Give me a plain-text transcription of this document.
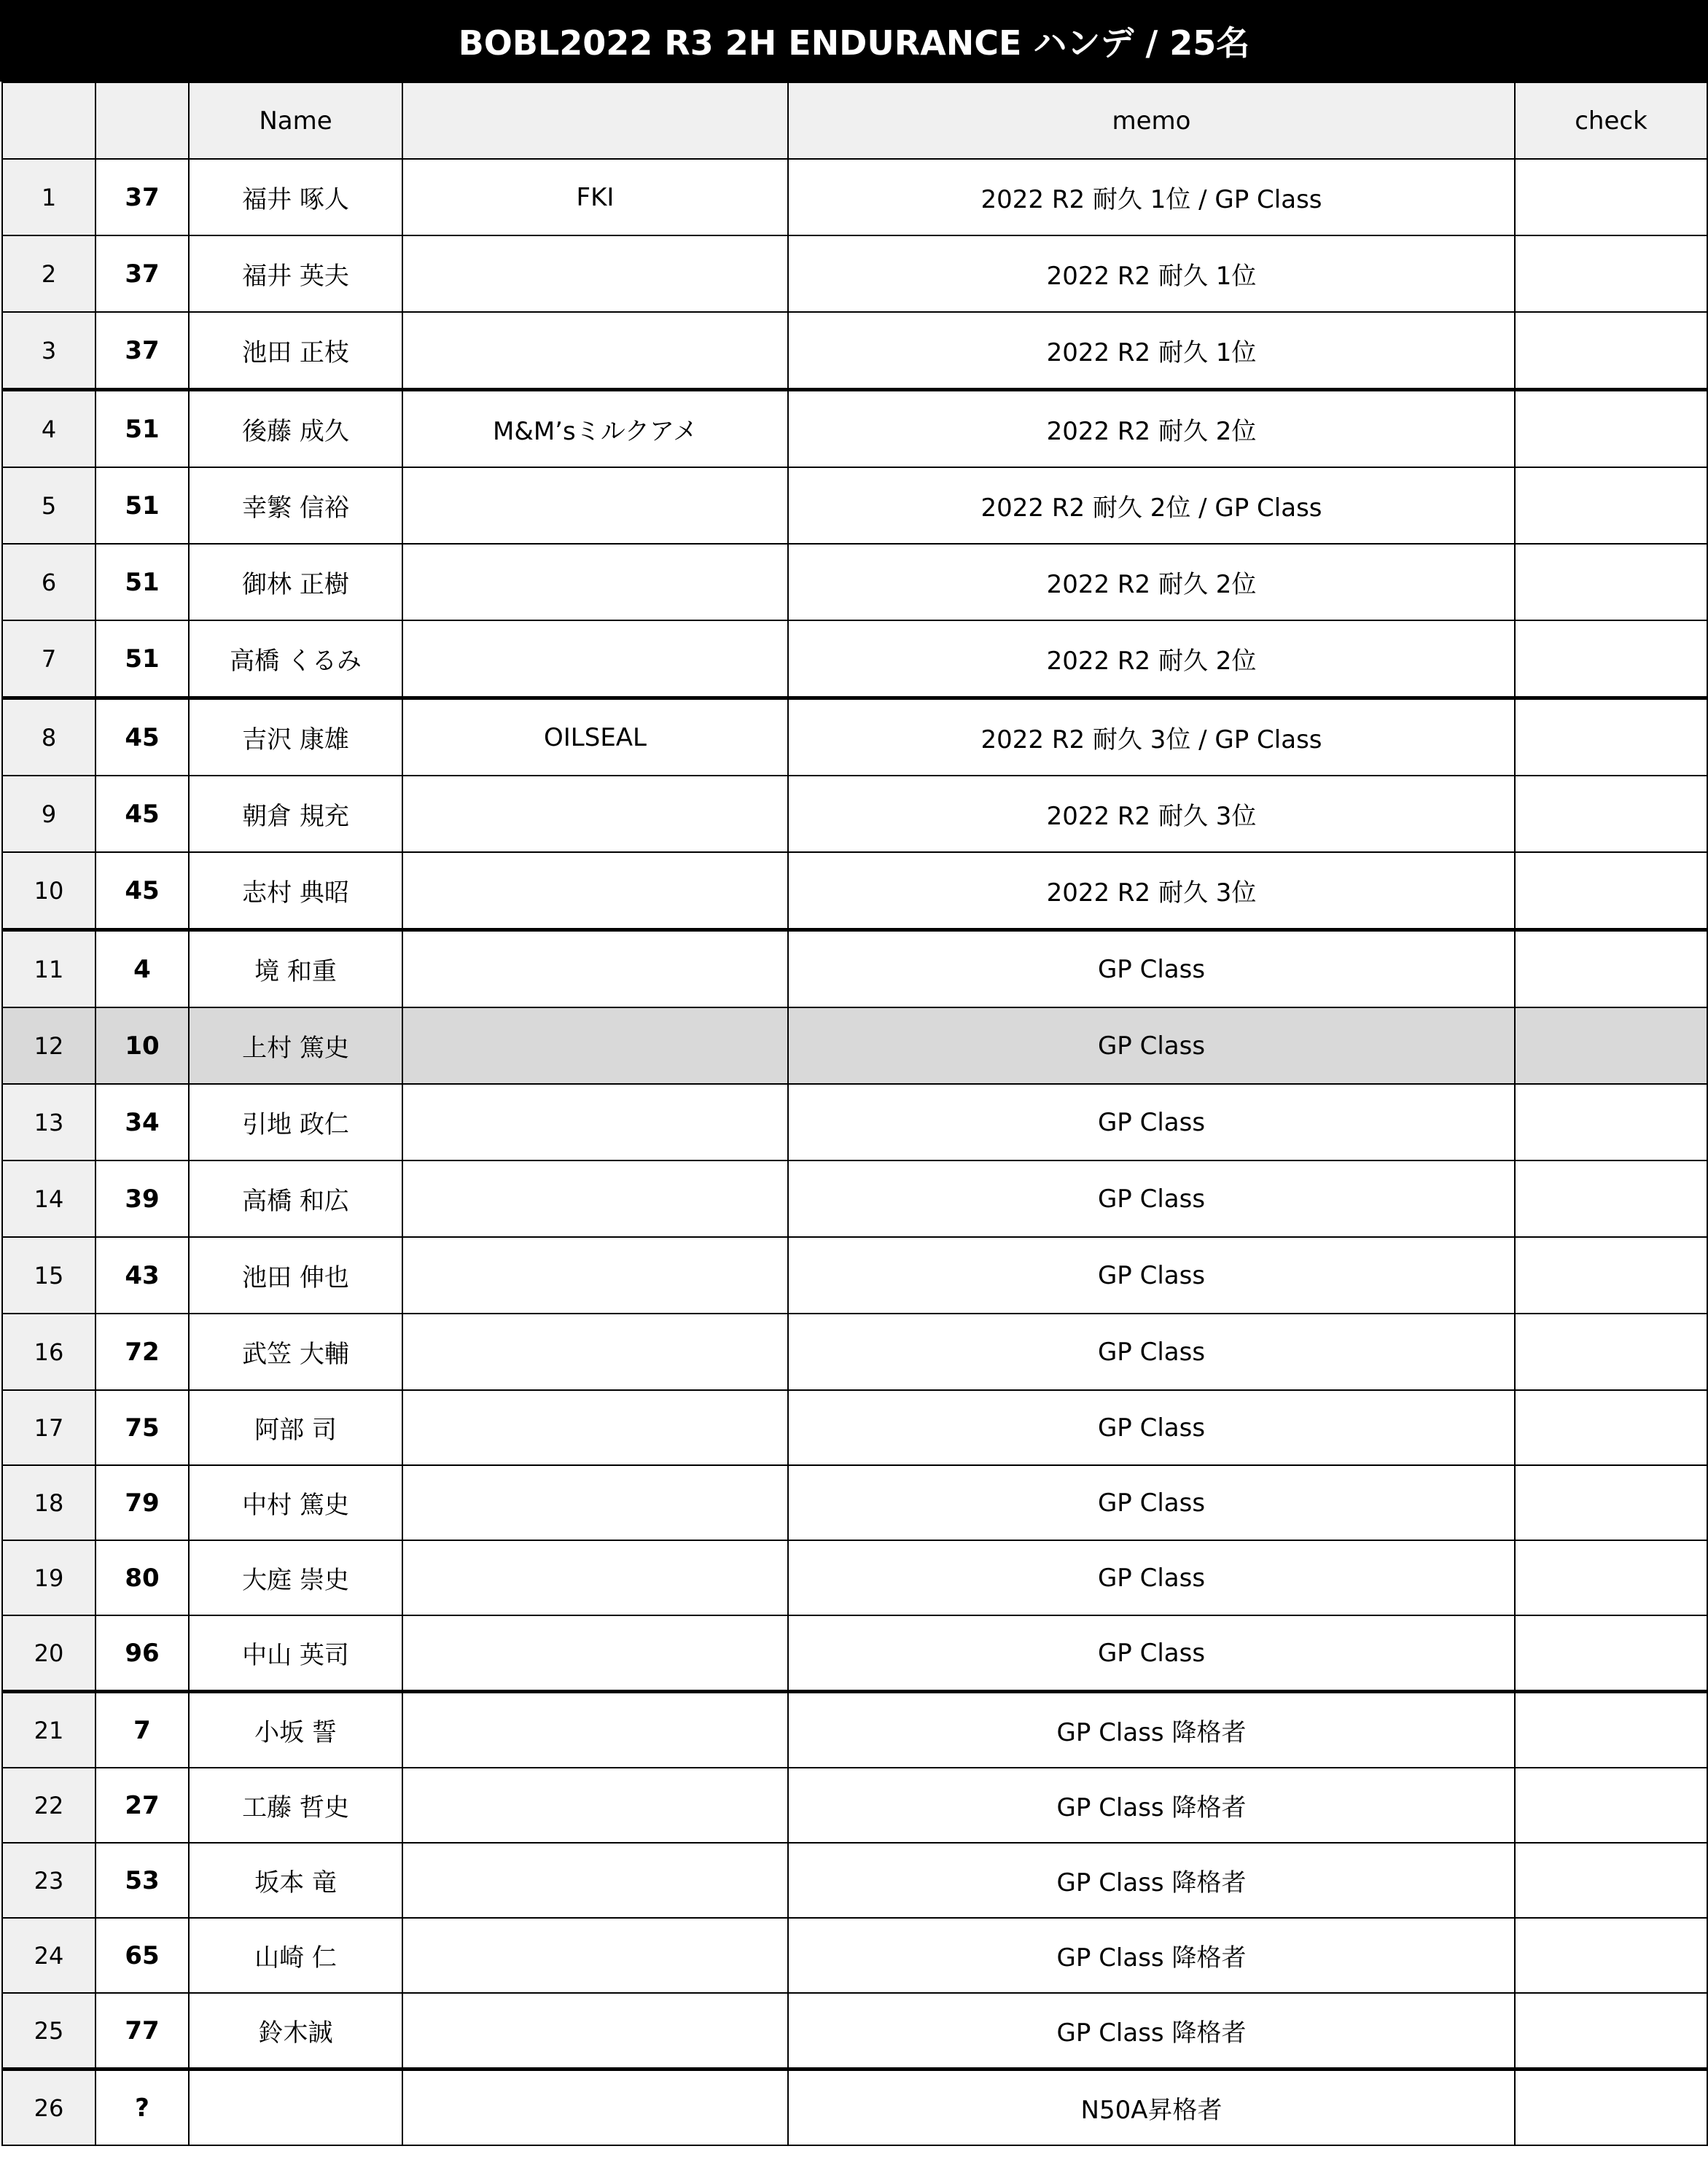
BOBL2022 R3 2H ENDURANCE ハンデ / 25名
		Name		memo	check
1	37	福井 啄人	FKI	2022 R2 耐久 1位 / GP Class	
2	37	福井 英夫		2022 R2 耐久 1位	
3	37	池田 正枝		2022 R2 耐久 1位	
4	51	後藤 成久	M&M’sミルクアメ	2022 R2 耐久 2位	
5	51	幸繁 信裕		2022 R2 耐久 2位 / GP Class	
6	51	御林 正樹		2022 R2 耐久 2位	
7	51	高橋 くるみ		2022 R2 耐久 2位	
8	45	吉沢 康雄	OILSEAL	2022 R2 耐久 3位 / GP Class	
9	45	朝倉 規充		2022 R2 耐久 3位	
10	45	志村 典昭		2022 R2 耐久 3位	
11	4	境 和重		GP Class	
12	10	上村 篤史		GP Class	
13	34	引地 政仁		GP Class	
14	39	高橋 和広		GP Class	
15	43	池田 伸也		GP Class	
16	72	武笠 大輔		GP Class	
17	75	阿部 司		GP Class	
18	79	中村 篤史		GP Class	
19	80	大庭 崇史		GP Class	
20	96	中山 英司		GP Class	
21	7	小坂 誓		GP Class 降格者	
22	27	工藤 哲史		GP Class 降格者	
23	53	坂本 竜		GP Class 降格者	
24	65	山崎 仁		GP Class 降格者	
25	77	鈴木誠		GP Class 降格者	
26	?			N50A昇格者	
